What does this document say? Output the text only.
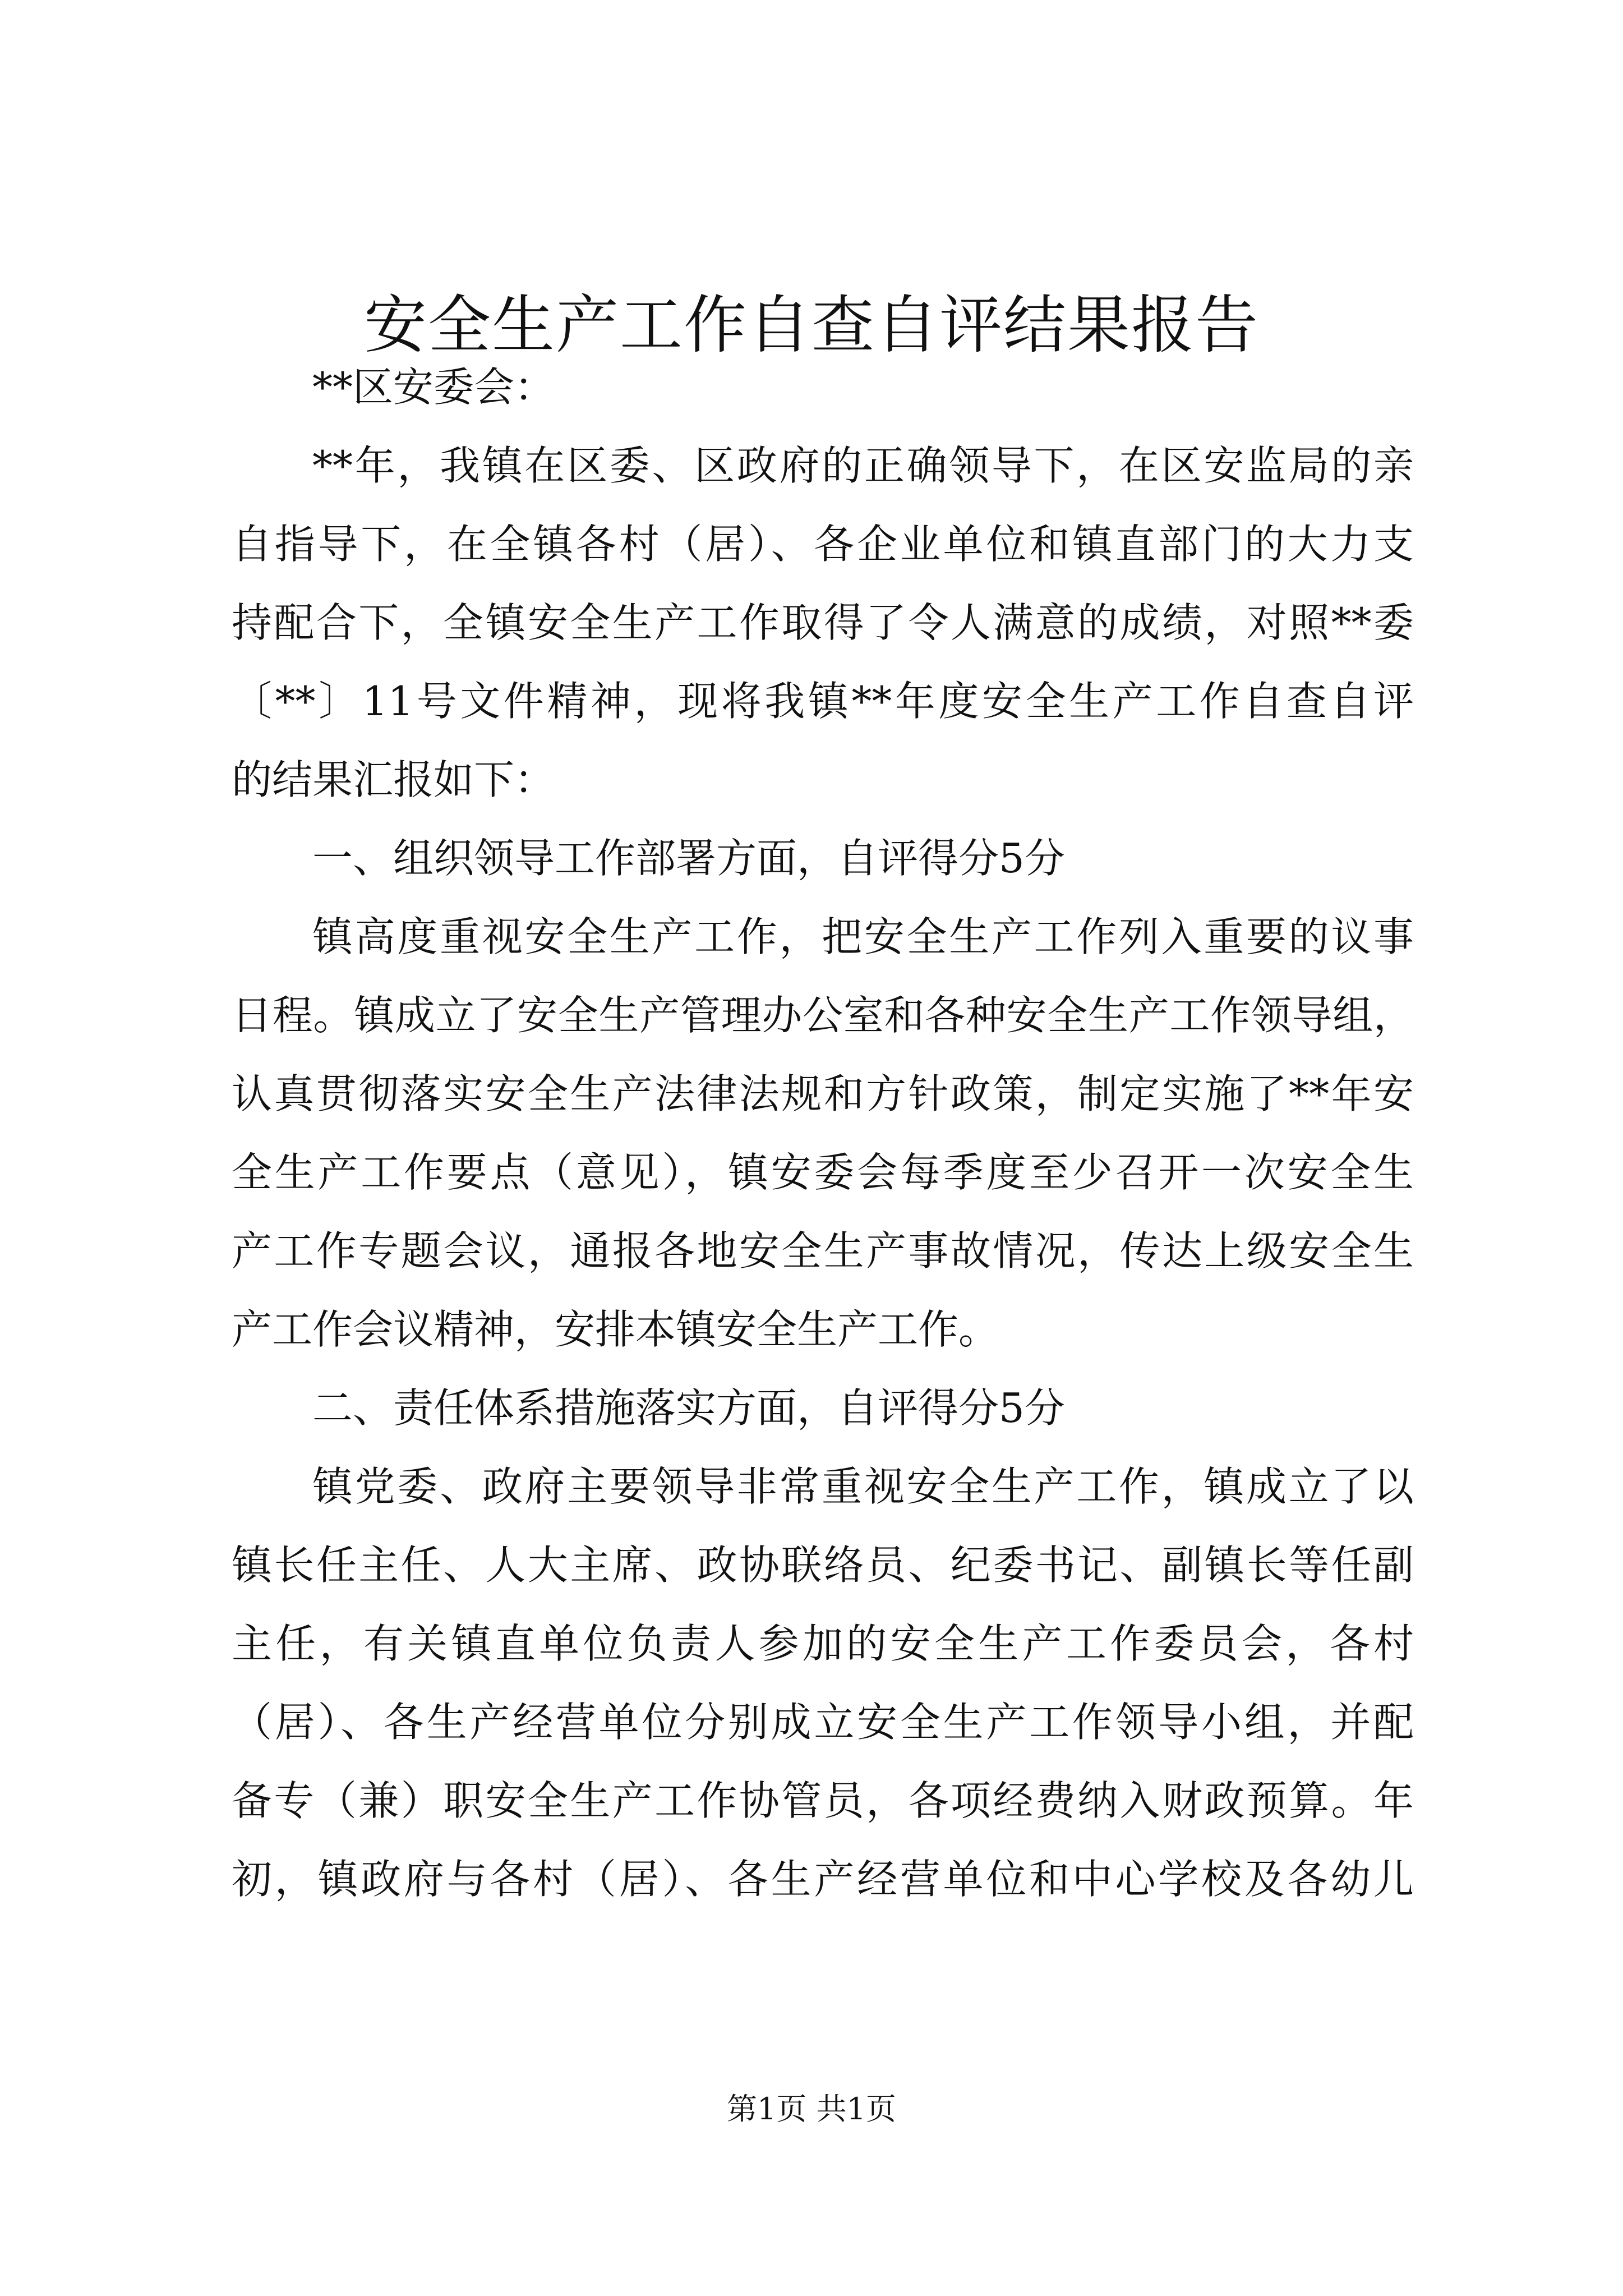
安全生产工作自查自评结果报告
**区安委会：
**年，我镇在区委、区政府的正确领导下，在区安监局的亲
自指导下，在全镇各村（居）、各企业单位和镇直部门的大力支
持配合下，全镇安全生产工作取得了令人满意的成绩，对照**委
〔**〕11号文件精神，现将我镇**年度安全生产工作自查自评
的结果汇报如下：
一、组织领导工作部署方面，自评得分5分
镇高度重视安全生产工作，把安全生产工作列入重要的议事
日程。镇成立了安全生产管理办公室和各种安全生产工作领导组，
认真贯彻落实安全生产法律法规和方针政策，制定实施了**年安
全生产工作要点（意见），镇安委会每季度至少召开一次安全生
产工作专题会议，通报各地安全生产事故情况，传达上级安全生
产工作会议精神，安排本镇安全生产工作。
二、责任体系措施落实方面，自评得分5分
镇党委、政府主要领导非常重视安全生产工作，镇成立了以
镇长任主任、人大主席、政协联络员、纪委书记、副镇长等任副
主任，有关镇直单位负责人参加的安全生产工作委员会，各村
（居）、各生产经营单位分别成立安全生产工作领导小组，并配
备专（兼）职安全生产工作协管员，各项经费纳入财政预算。年
初，镇政府与各村（居）、各生产经营单位和中心学校及各幼儿
第1页 共1页
